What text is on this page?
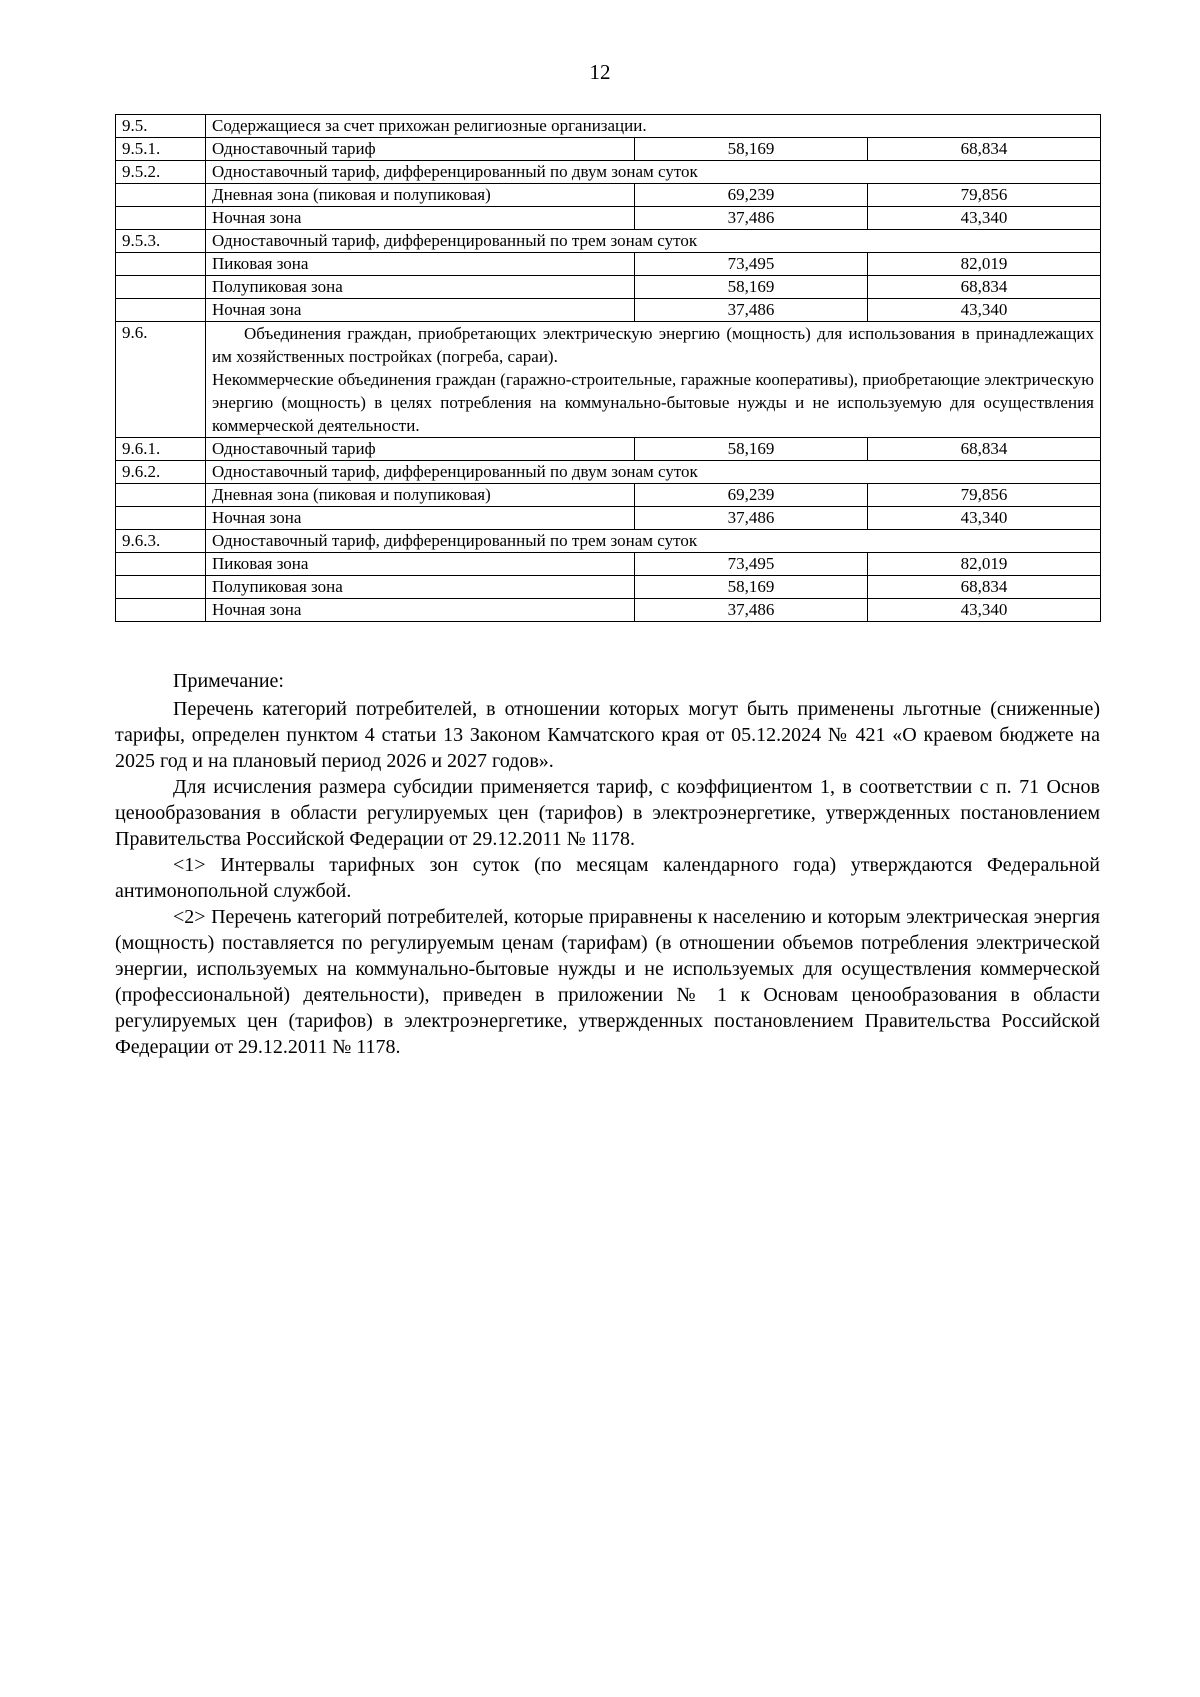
12
9.5.	Содержащиеся за счет прихожан религиозные организации.		
9.5.1.	Одноставочный тариф	58,169	68,834
9.5.2.	Одноставочный тариф, дифференцированный по двум зонам суток		
	Дневная зона (пиковая и полупиковая)	69,239	79,856
	Ночная зона	37,486	43,340
9.5.3.	Одноставочный тариф, дифференцированный по трем зонам суток		
	Пиковая зона	73,495	82,019
	Полупиковая зона	58,169	68,834
	Ночная зона	37,486	43,340
9.6.	Объединения граждан, приобретающих электрическую энергию (мощность) для использования в принадлежащих им хозяйственных постройках (погреба, сараи).

Некоммерческие объединения граждан (гаражно-строительные, гаражные кооперативы), приобретающие электрическую энергию (мощность) в целях потребления на коммунально-бытовые нужды и не используемую для осуществления коммерческой деятельности.		

9.6.1.	Одноставочный тариф	58,169	68,834
9.6.2.	Одноставочный тариф, дифференцированный по двум зонам суток		
	Дневная зона (пиковая и полупиковая)	69,239	79,856
	Ночная зона	37,486	43,340
9.6.3.	Одноставочный тариф, дифференцированный по трем зонам суток		
	Пиковая зона	73,495	82,019
	Полупиковая зона	58,169	68,834
	Ночная зона	37,486	43,340

Примечание:

Перечень категорий потребителей, в отношении которых могут быть применены льготные (сниженные) тарифы, определен пунктом 4 статьи 13 Законом Камчатского края от 05.12.2024 № 421 «О краевом бюджете на 2025 год и на плановый период 2026 и 2027 годов».

Для исчисления размера субсидии применяется тариф, с коэффициентом 1, в соответствии с п. 71 Основ ценообразования в области регулируемых цен (тарифов) в электроэнергетике, утвержденных постановлением Правительства Российской Федерации от 29.12.2011 № 1178.

<1> Интервалы тарифных зон суток (по месяцам календарного года) утверждаются Федеральной антимонопольной службой.

<2> Перечень категорий потребителей, которые приравнены к населению и которым электрическая энергия (мощность) поставляется по регулируемым ценам (тарифам) (в отношении объемов потребления электрической энергии, используемых на коммунально-бытовые нужды и не используемых для осуществления коммерческой (профессиональной) деятельности), приведен в приложении № 1 к Основам ценообразования в области регулируемых цен (тарифов) в электроэнергетике, утвержденных постановлением Правительства Российской Федерации от 29.12.2011 № 1178.
